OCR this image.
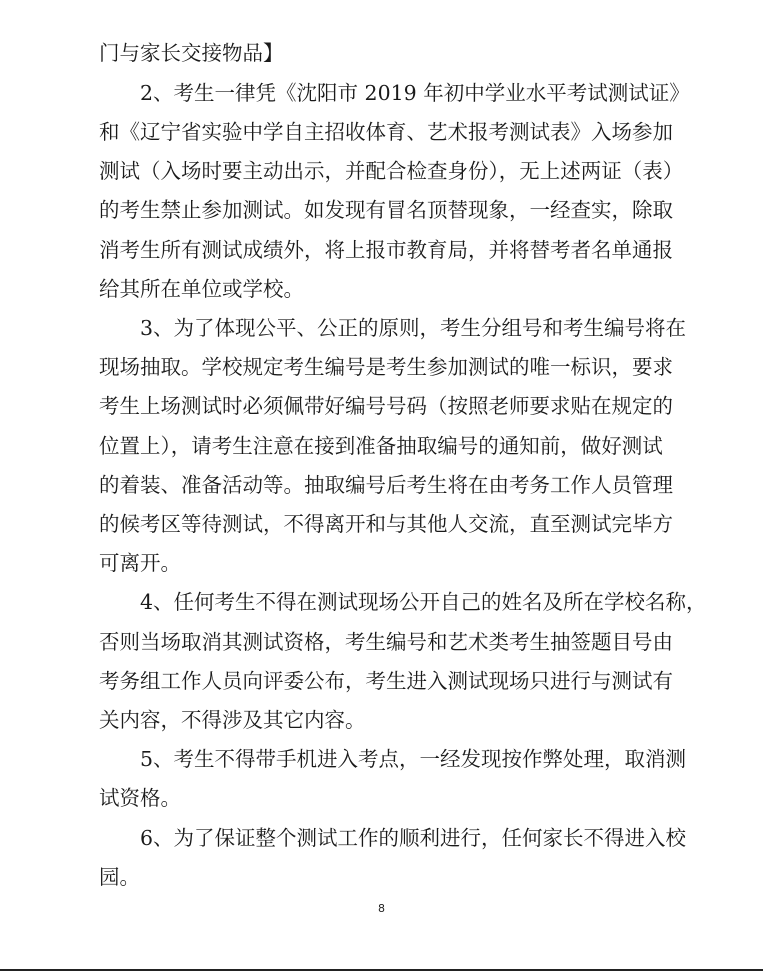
门与家长交接物品】

2、考生一律凭《沈阳市 2019 年初中学业水平考试测试证》

和《辽宁省实验中学自主招收体育、艺术报考测试表》入场参加

测试（入场时要主动出示，并配合检查身份），无上述两证（表）

的考生禁止参加测试。如发现有冒名顶替现象，一经查实，除取

消考生所有测试成绩外，将上报市教育局，并将替考者名单通报

给其所在单位或学校。

3、为了体现公平、公正的原则，考生分组号和考生编号将在

现场抽取。学校规定考生编号是考生参加测试的唯一标识，要求

考生上场测试时必须佩带好编号号码（按照老师要求贴在规定的

位置上），请考生注意在接到准备抽取编号的通知前，做好测试

的着装、准备活动等。抽取编号后考生将在由考务工作人员管理

的候考区等待测试，不得离开和与其他人交流，直至测试完毕方

可离开。

4、任何考生不得在测试现场公开自己的姓名及所在学校名称，

否则当场取消其测试资格，考生编号和艺术类考生抽签题目号由

考务组工作人员向评委公布，考生进入测试现场只进行与测试有

关内容，不得涉及其它内容。

5、考生不得带手机进入考点，一经发现按作弊处理，取消测

试资格。

6、为了保证整个测试工作的顺利进行，任何家长不得进入校

园。

8
